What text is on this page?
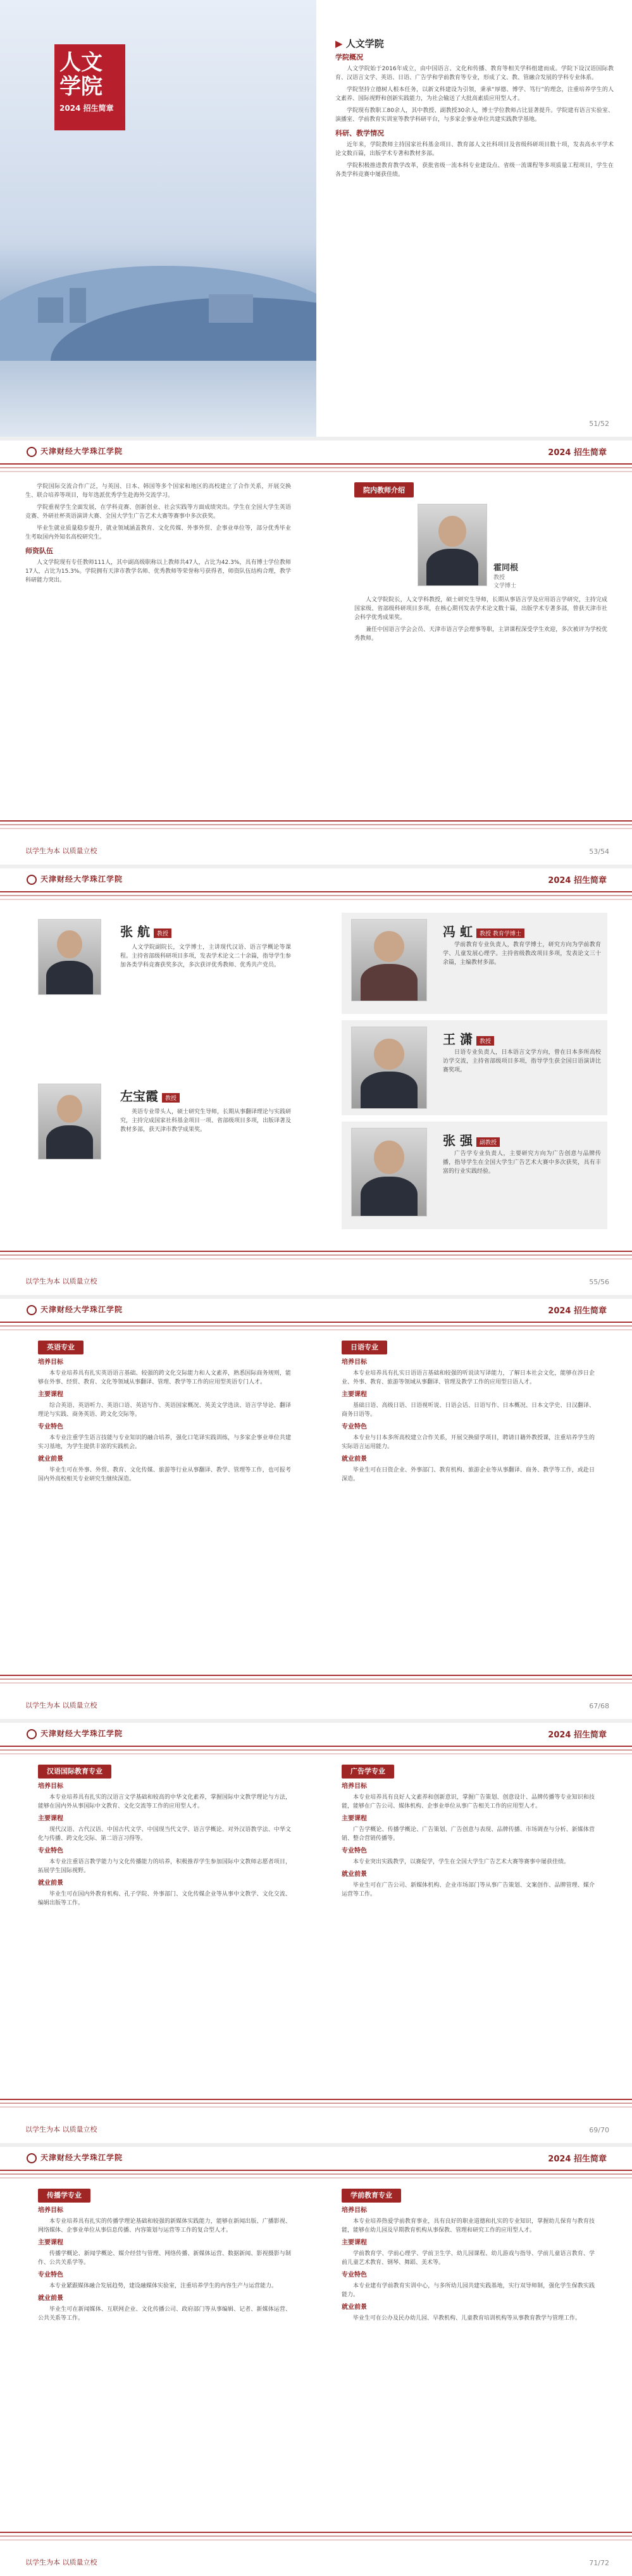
人文
学院
2024 招生简章
▶ 人文学院
学院概况

人文学院始于2016年成立，由中国语言、文化和传播、教育等相关学科组建而成。学院下设汉语国际教育、汉语言文学、英语、日语、广告学和学前教育等专业，形成了文、教、管融合发展的学科专业体系。

学院坚持立德树人根本任务，以新文科建设为引领，秉承“厚德、博学、笃行”的理念，注重培养学生的人文素养、国际视野和创新实践能力，为社会输送了大批高素质应用型人才。

学院现有教职工80余人，其中教授、副教授30余人，博士学位教师占比显著提升。学院建有语言实验室、演播室、学前教育实训室等教学科研平台，与多家企事业单位共建实践教学基地。

科研、教学情况

近年来，学院教师主持国家社科基金项目、教育部人文社科项目及省级科研项目数十项，发表高水平学术论文数百篇，出版学术专著和教材多部。

学院积极推进教育教学改革，获批省级一流本科专业建设点、省级一流课程等多项质量工程项目，学生在各类学科竞赛中屡获佳绩。

51/52
天津财经大学珠江学院	2024 招生简章

学院国际交流合作广泛，与英国、日本、韩国等多个国家和地区的高校建立了合作关系，开展交换生、联合培养等项目，每年选派优秀学生赴海外交流学习。

学院重视学生全面发展，在学科竞赛、创新创业、社会实践等方面成绩突出。学生在全国大学生英语竞赛、外研社杯英语演讲大赛、全国大学生广告艺术大赛等赛事中多次获奖。

毕业生就业质量稳步提升，就业领域涵盖教育、文化传媒、外事外贸、企事业单位等，部分优秀毕业生考取国内外知名高校研究生。

师资队伍

人文学院现有专任教师111人，其中副高级职称以上教师共47人，占比为42.3%，具有博士学位教师17人，占比为15.3%。学院拥有天津市教学名师、优秀教师等荣誉称号获得者，师资队伍结构合理，教学科研能力突出。

院内教师介绍
霍同根
教授
文学博士

人文学院院长，人文学科教授，硕士研究生导师，长期从事语言学及应用语言学研究，主持完成国家级、省部级科研项目多项，在核心期刊发表学术论文数十篇，出版学术专著多部，曾获天津市社会科学优秀成果奖。

兼任中国语言学会会员、天津市语言学会理事等职，主讲课程深受学生欢迎，多次被评为学校优秀教师。

以学生为本 以质量立校	53/54
天津财经大学珠江学院	2024 招生简章
张 航 教授

人文学院副院长，文学博士，主讲现代汉语、语言学概论等课程。主持省部级科研项目多项，发表学术论文二十余篇，指导学生参加各类学科竞赛获奖多次，多次获评优秀教师、优秀共产党员。

左宝霞 教授

英语专业带头人，硕士研究生导师，长期从事翻译理论与实践研究，主持完成国家社科基金项目一项、省部级项目多项，出版译著及教材多部，获天津市教学成果奖。

冯 虹 教授 教育学博士

学前教育专业负责人，教育学博士，研究方向为学前教育学、儿童发展心理学。主持省级教改项目多项，发表论文三十余篇，主编教材多部。

王 潇 教授

日语专业负责人，日本语言文学方向，曾在日本多所高校访学交流，主持省部级项目多项，指导学生获全国日语演讲比赛奖项。

张 强 副教授

广告学专业负责人，主要研究方向为广告创意与品牌传播，指导学生在全国大学生广告艺术大赛中多次获奖，具有丰富的行业实践经验。

以学生为本 以质量立校	55/56
天津财经大学珠江学院	2024 招生简章
英语专业
培养目标

本专业培养具有扎实英语语言基础、较强的跨文化交际能力和人文素养，熟悉国际商务规则，能够在外事、经贸、教育、文化等领域从事翻译、管理、教学等工作的应用型英语专门人才。

主要课程

综合英语、英语听力、英语口语、英语写作、英语国家概况、英美文学选读、语言学导论、翻译理论与实践、商务英语、跨文化交际等。

专业特色

本专业注重学生语言技能与专业知识的融合培养，强化口笔译实践训练，与多家企事业单位共建实习基地，为学生提供丰富的实践机会。

就业前景

毕业生可在外事、外贸、教育、文化传媒、旅游等行业从事翻译、教学、管理等工作，也可报考国内外高校相关专业研究生继续深造。

日语专业
培养目标

本专业培养具有扎实日语语言基础和较强的听说读写译能力，了解日本社会文化，能够在涉日企业、外事、教育、旅游等领域从事翻译、管理及教学工作的应用型日语人才。

主要课程

基础日语、高级日语、日语视听说、日语会话、日语写作、日本概况、日本文学史、日汉翻译、商务日语等。

专业特色

本专业与日本多所高校建立合作关系，开展交换留学项目，聘请日籍外教授课，注重培养学生的实际语言运用能力。

就业前景

毕业生可在日资企业、外事部门、教育机构、旅游企业等从事翻译、商务、教学等工作，或赴日深造。

以学生为本 以质量立校	67/68
天津财经大学珠江学院	2024 招生简章
汉语国际教育专业
培养目标

本专业培养具有扎实的汉语言文学基础和较高的中华文化素养，掌握国际中文教学理论与方法，能够在国内外从事国际中文教育、文化交流等工作的应用型人才。

主要课程

现代汉语、古代汉语、中国古代文学、中国现当代文学、语言学概论、对外汉语教学法、中华文化与传播、跨文化交际、第二语言习得等。

专业特色

本专业注重语言教学能力与文化传播能力的培养，积极推荐学生参加国际中文教师志愿者项目，拓展学生国际视野。

就业前景

毕业生可在国内外教育机构、孔子学院、外事部门、文化传媒企业等从事中文教学、文化交流、编辑出版等工作。

广告学专业
培养目标

本专业培养具有良好人文素养和创新意识，掌握广告策划、创意设计、品牌传播等专业知识和技能，能够在广告公司、媒体机构、企事业单位从事广告相关工作的应用型人才。

主要课程

广告学概论、传播学概论、广告策划、广告创意与表现、品牌传播、市场调查与分析、新媒体营销、整合营销传播等。

专业特色

本专业突出实践教学，以赛促学，学生在全国大学生广告艺术大赛等赛事中屡获佳绩。

就业前景

毕业生可在广告公司、新媒体机构、企业市场部门等从事广告策划、文案创作、品牌管理、媒介运营等工作。

以学生为本 以质量立校	69/70
天津财经大学珠江学院	2024 招生简章
传播学专业
培养目标

本专业培养具有扎实的传播学理论基础和较强的新媒体实践能力，能够在新闻出版、广播影视、网络媒体、企事业单位从事信息传播、内容策划与运营等工作的复合型人才。

主要课程

传播学概论、新闻学概论、媒介经营与管理、网络传播、新媒体运营、数据新闻、影视摄影与制作、公共关系学等。

专业特色

本专业紧跟媒体融合发展趋势，建设融媒体实验室，注重培养学生的内容生产与运营能力。

就业前景

毕业生可在新闻媒体、互联网企业、文化传播公司、政府部门等从事编辑、记者、新媒体运营、公共关系等工作。

学前教育专业
培养目标

本专业培养热爱学前教育事业，具有良好的职业道德和扎实的专业知识，掌握幼儿保育与教育技能，能够在幼儿园及早期教育机构从事保教、管理和研究工作的应用型人才。

主要课程

学前教育学、学前心理学、学前卫生学、幼儿园课程、幼儿游戏与指导、学前儿童语言教育、学前儿童艺术教育、钢琴、舞蹈、美术等。

专业特色

本专业建有学前教育实训中心，与多所幼儿园共建实践基地，实行双导师制，强化学生保教实践能力。

就业前景

毕业生可在公办及民办幼儿园、早教机构、儿童教育培训机构等从事教育教学与管理工作。

以学生为本 以质量立校	71/72
